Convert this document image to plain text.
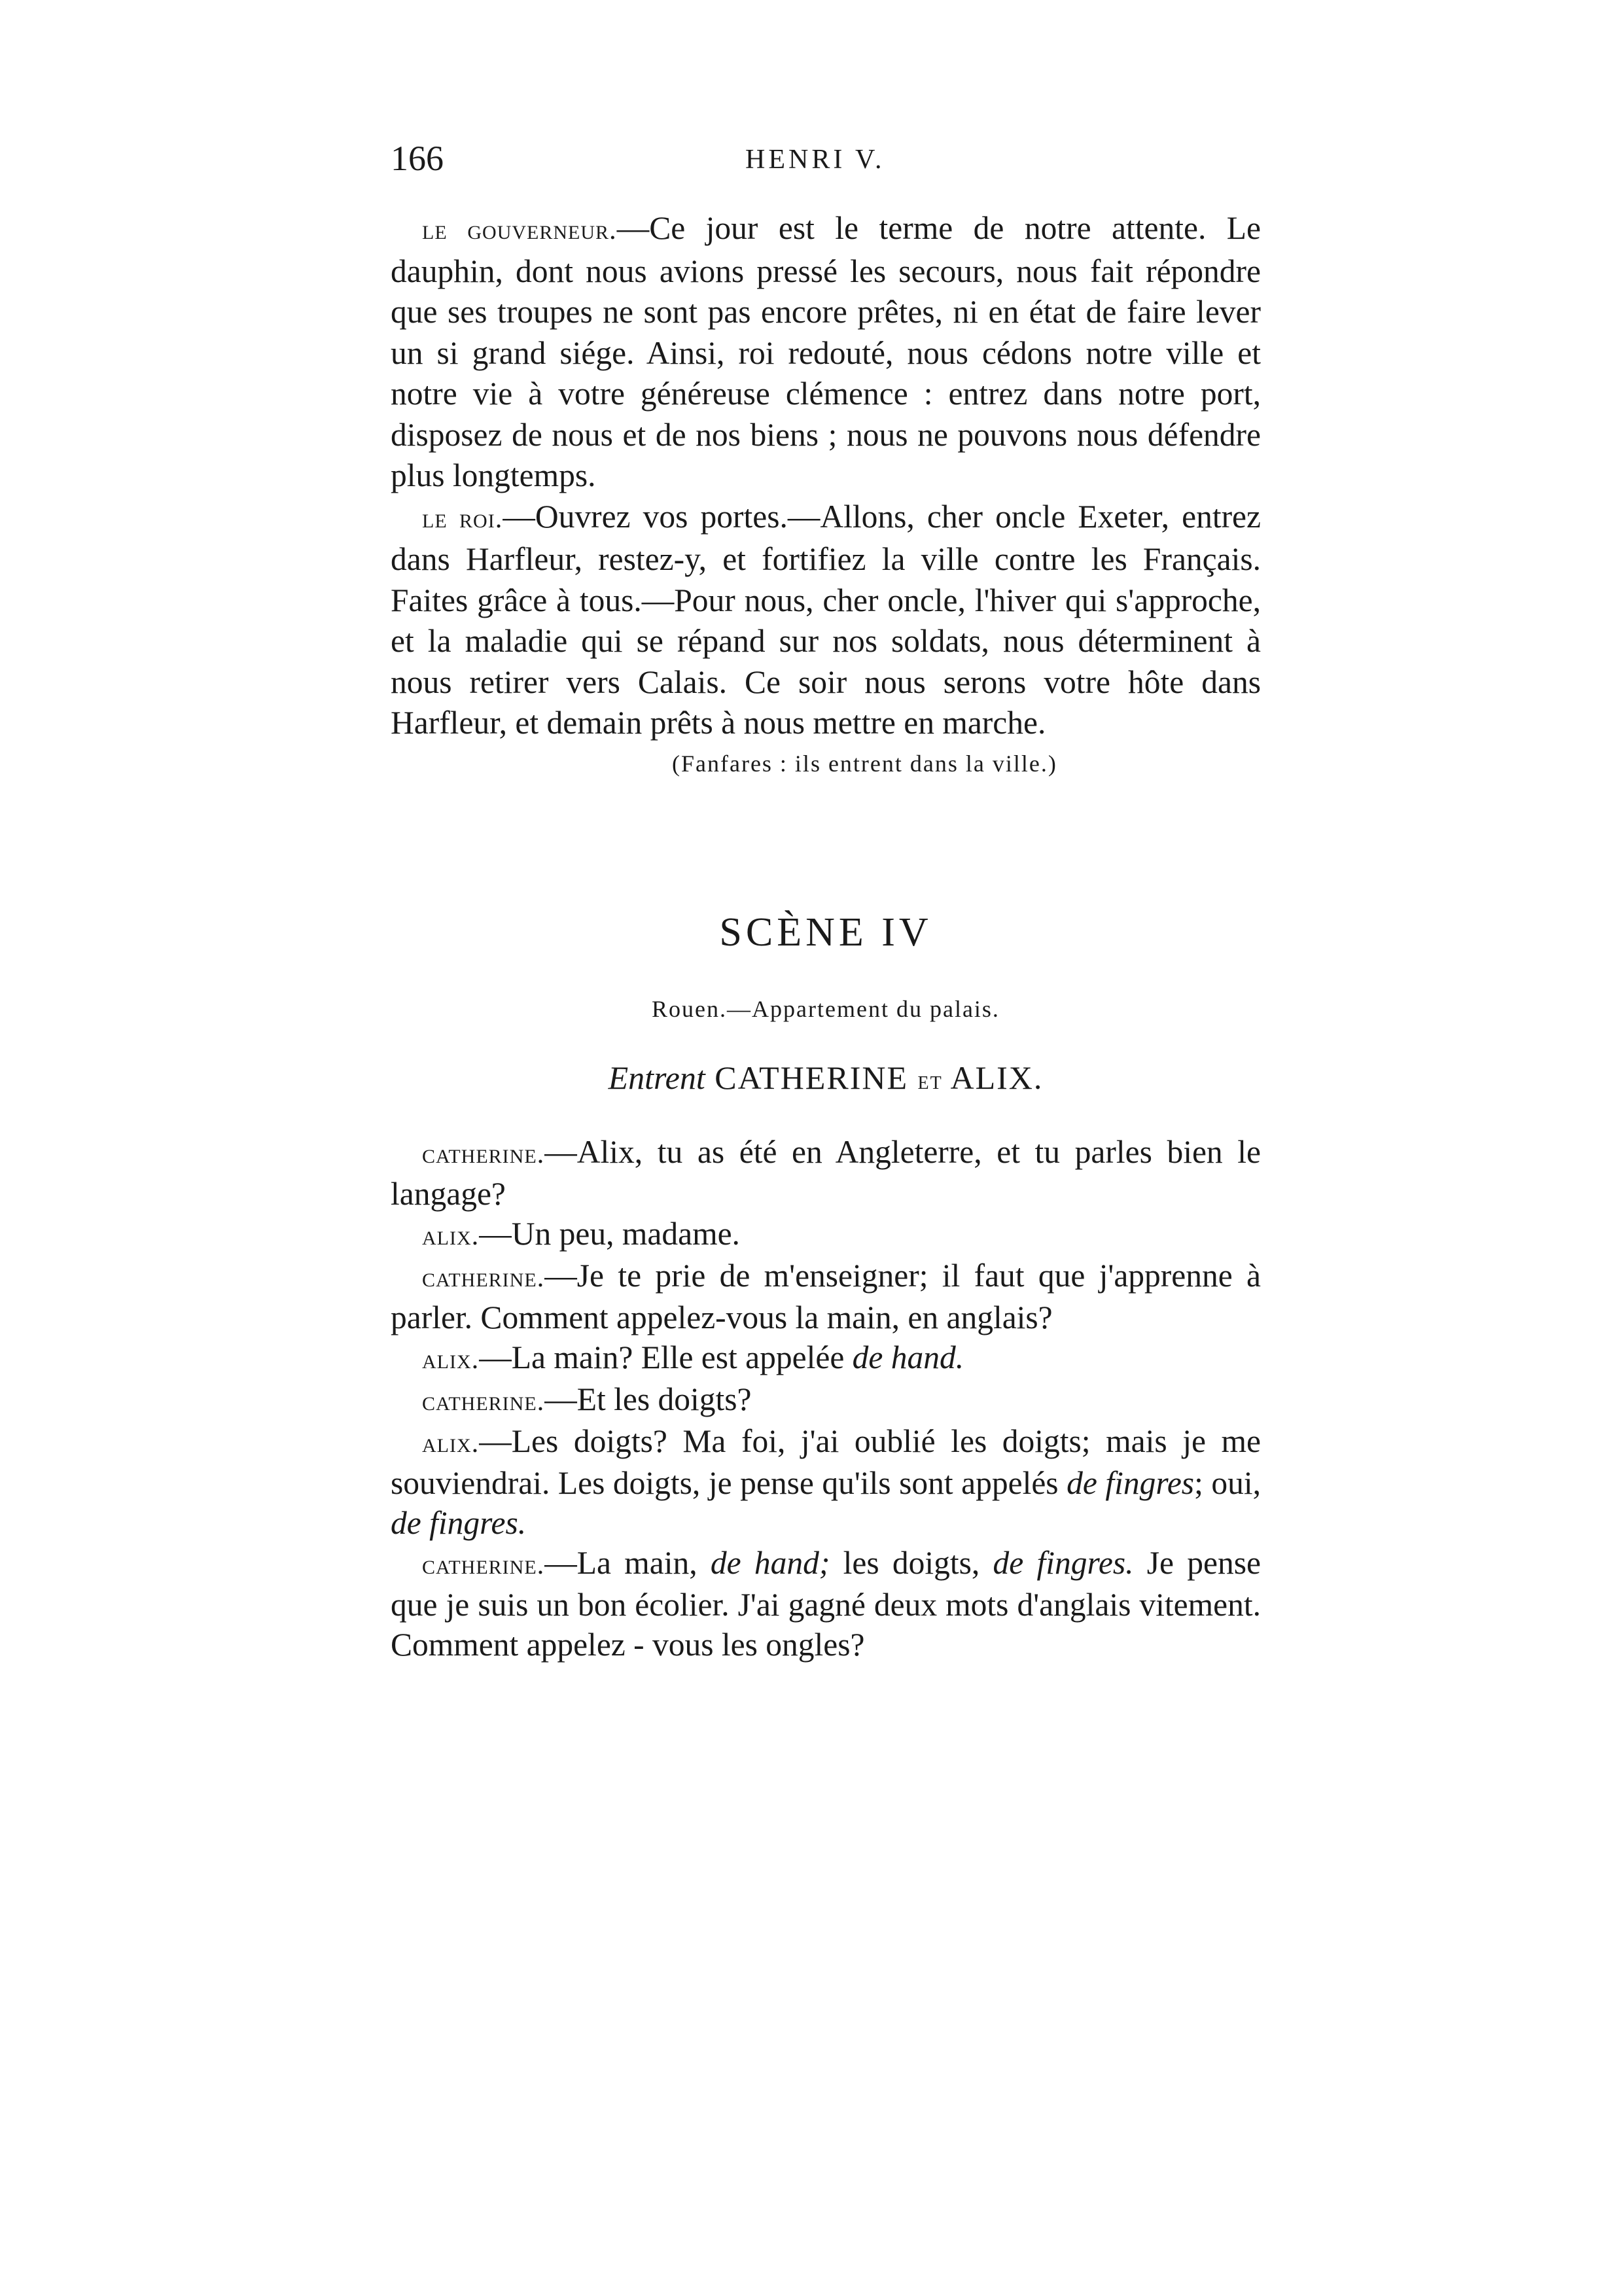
166	HENRI V.

le gouverneur.—Ce jour est le terme de notre attente. Le dauphin, dont nous avions pressé les secours, nous fait répondre que ses troupes ne sont pas encore prêtes, ni en état de faire lever un si grand siége. Ainsi, roi redouté, nous cédons notre ville et notre vie à votre généreuse clémence : entrez dans notre port, disposez de nous et de nos biens ; nous ne pouvons nous défendre plus longtemps.

le roi.—Ouvrez vos portes.—Allons, cher oncle Exeter, entrez dans Harfleur, restez-y, et fortifiez la ville contre les Français. Faites grâce à tous.—Pour nous, cher oncle, l'hiver qui s'approche, et la maladie qui se répand sur nos soldats, nous déterminent à nous retirer vers Calais. Ce soir nous serons votre hôte dans Harfleur, et demain prêts à nous mettre en marche.

(Fanfares : ils entrent dans la ville.)
SCÈNE IV
Rouen.—Appartement du palais.
Entrent CATHERINE et ALIX.

catherine.—Alix, tu as été en Angleterre, et tu parles bien le langage?

alix.—Un peu, madame.

catherine.—Je te prie de m'enseigner; il faut que j'apprenne à parler. Comment appelez-vous la main, en anglais?

alix.—La main? Elle est appelée de hand.

catherine.—Et les doigts?

alix.—Les doigts? Ma foi, j'ai oublié les doigts; mais je me souviendrai. Les doigts, je pense qu'ils sont appelés de fingres; oui, de fingres.

catherine.—La main, de hand; les doigts, de fingres. Je pense que je suis un bon écolier. J'ai gagné deux mots d'anglais vitement. Comment appelez - vous les ongles?
